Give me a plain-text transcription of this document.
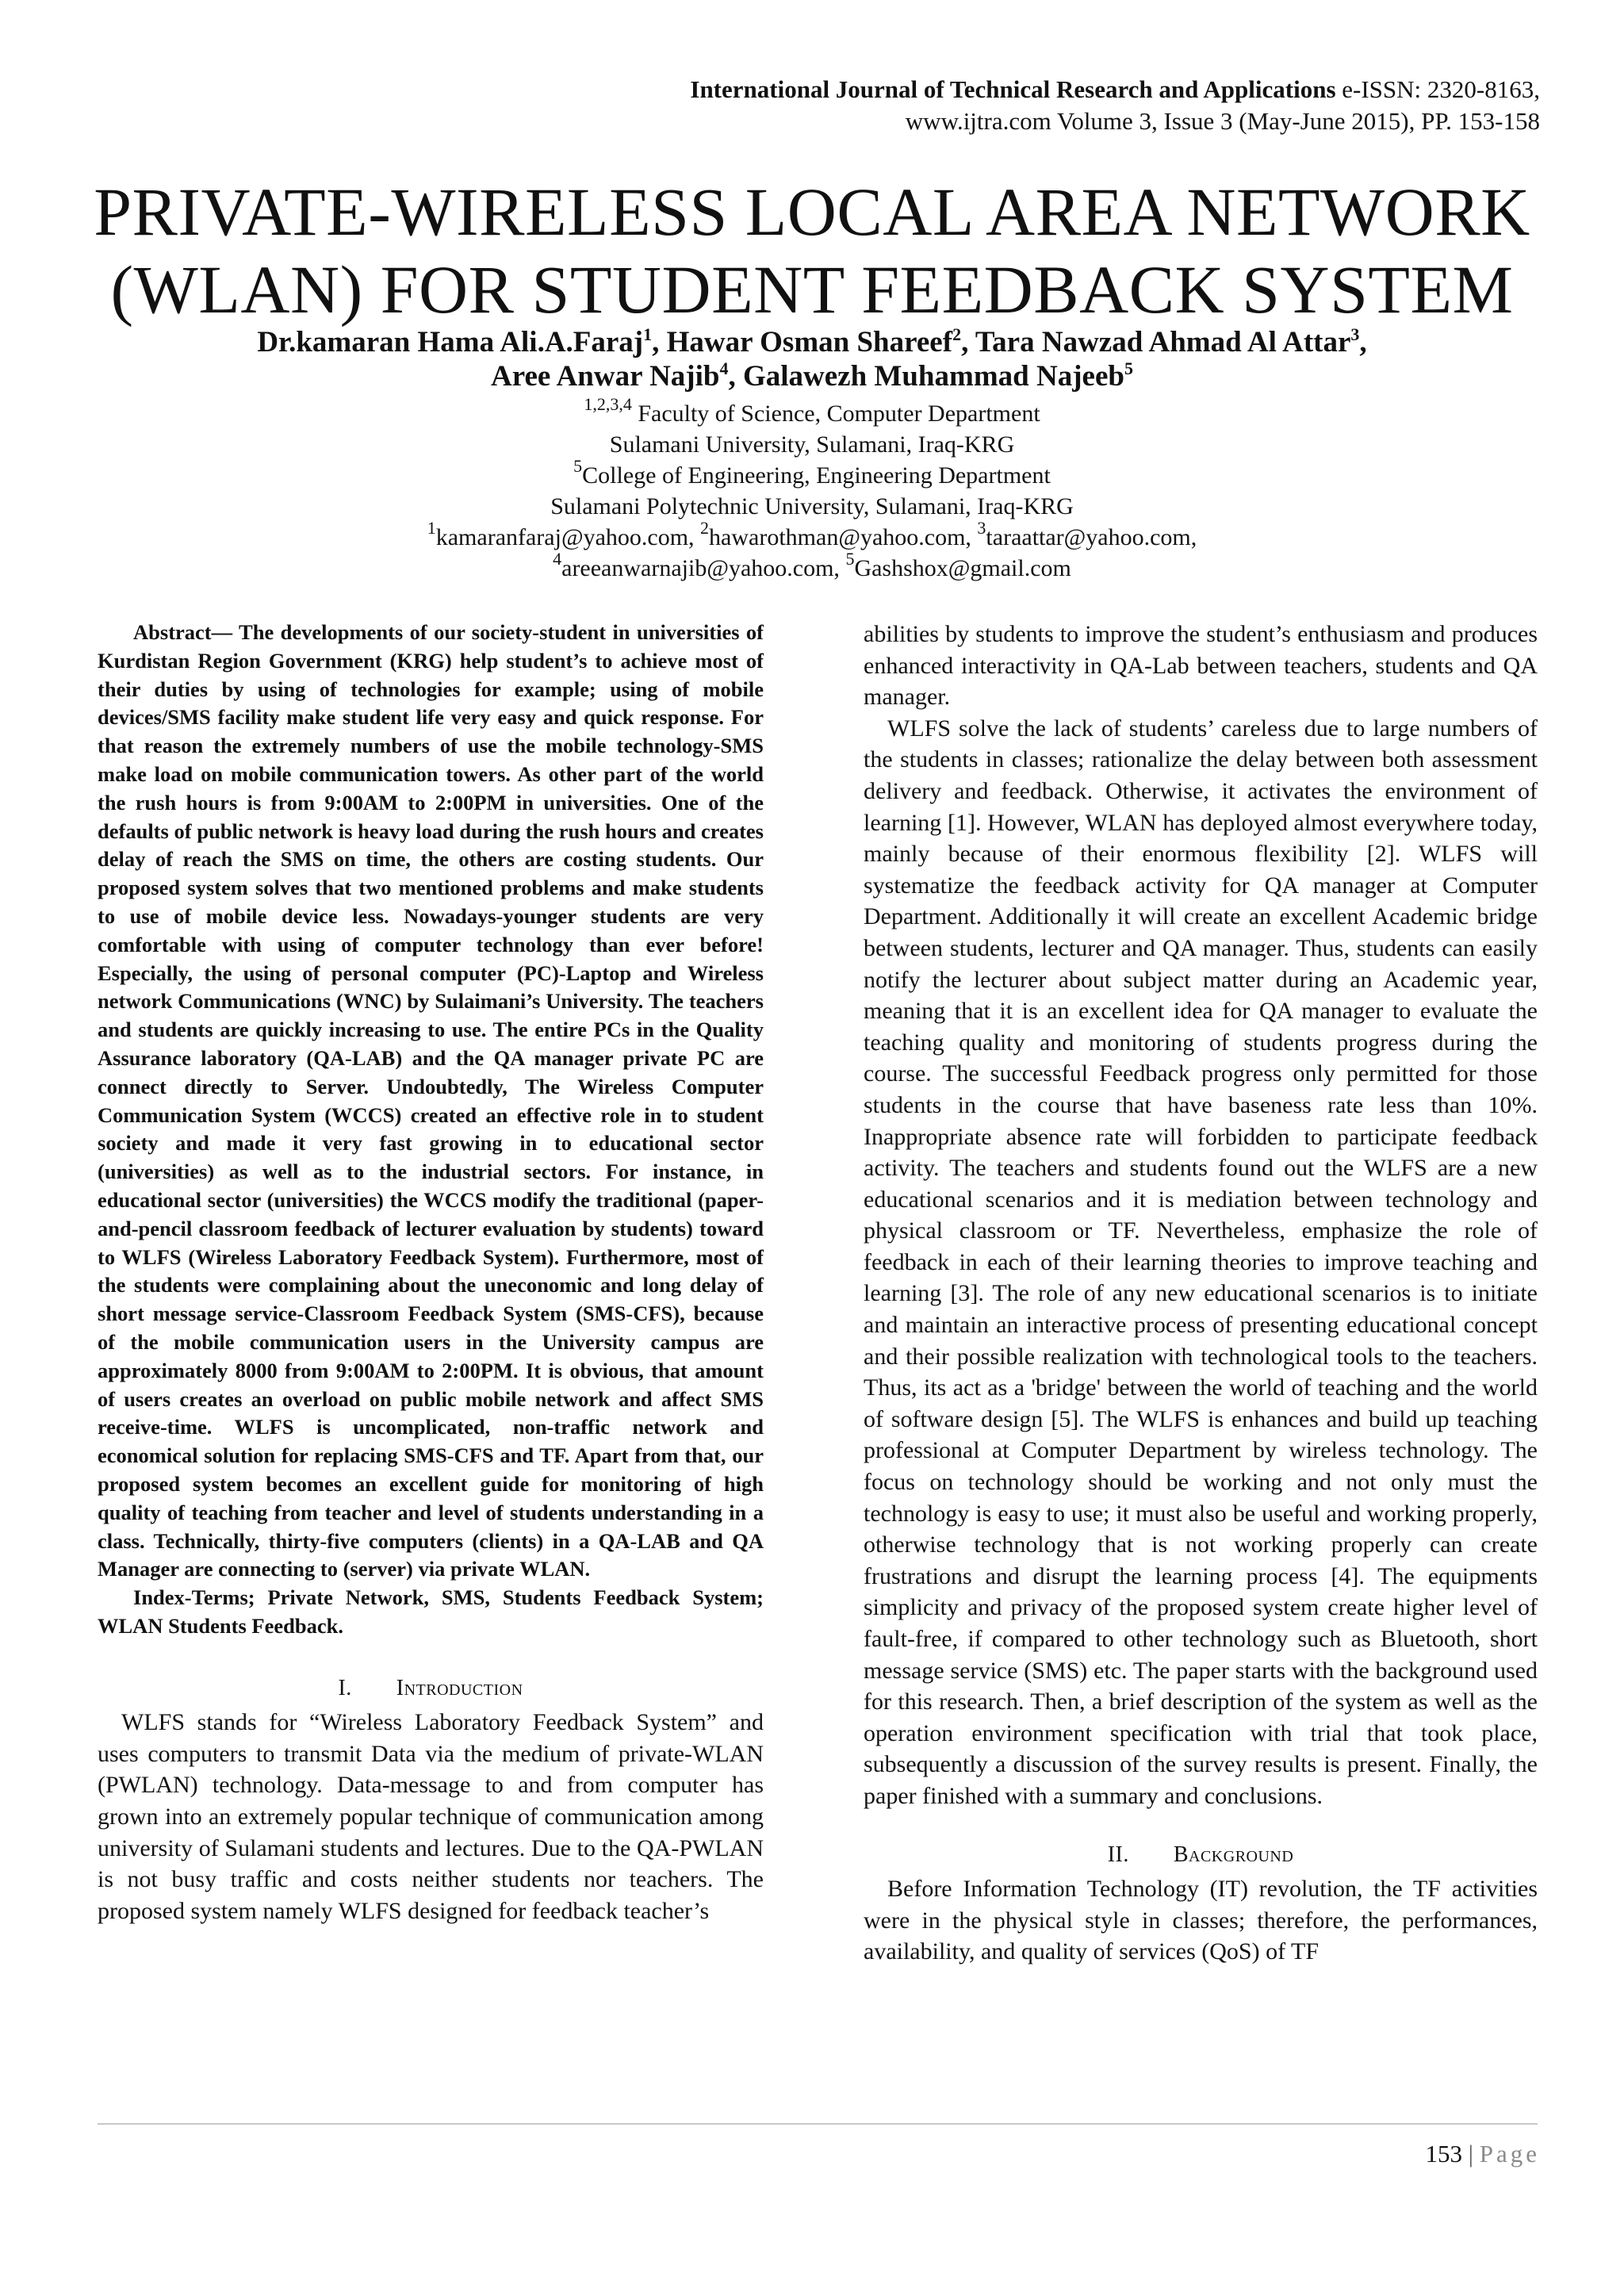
International Journal of Technical Research and Applications e-ISSN: 2320-8163,
www.ijtra.com Volume 3, Issue 3 (May-June 2015), PP. 153-158
PRIVATE-WIRELESS LOCAL AREA NETWORK
(WLAN) FOR STUDENT FEEDBACK SYSTEM
Dr.kamaran Hama Ali.A.Faraj$^1$, Hawar Osman Shareef$^2$, Tara Nawzad Ahmad Al Attar$^3$,
Aree Anwar Najib$^4$, Galawezh Muhammad Najeeb$^5$
$^{1,2,3,4}$ Faculty of Science, Computer Department
Sulamani University, Sulamani, Iraq-KRG
$^5$College of Engineering, Engineering Department
Sulamani Polytechnic University, Sulamani, Iraq-KRG
$^1$kamaranfaraj@yahoo.com, $^2$hawarothman@yahoo.com, $^3$taraattar@yahoo.com,
$^4$areeanwarnajib@yahoo.com, $^5$Gashshox@gmail.com

Abstract— The developments of our society-student in universities of Kurdistan Region Government (KRG) help student’s to achieve most of their duties by using of technologies for example; using of mobile devices/SMS facility make student life very easy and quick response. For that reason the extremely numbers of use the mobile technology-SMS make load on mobile communication towers. As other part of the world the rush hours is from 9:00AM to 2:00PM in universities. One of the defaults of public network is heavy load during the rush hours and creates delay of reach the SMS on time, the others are costing students. Our proposed system solves that two mentioned problems and make students to use of mobile device less. Nowadays-younger students are very comfortable with using of computer technology than ever before! Especially, the using of personal computer (PC)-Laptop and Wireless network Communications (WNC) by Sulaimani’s University. The teachers and students are quickly increasing to use. The entire PCs in the Quality Assurance laboratory (QA-LAB) and the QA manager private PC are connect directly to Server. Undoubtedly, The Wireless Computer Communication System (WCCS) created an effective role in to student society and made it very fast growing in to educational sector (universities) as well as to the industrial sectors. For instance, in educational sector (universities) the WCCS modify the traditional (paper-and-pencil classroom feedback of lecturer evaluation by students) toward to WLFS (Wireless Laboratory Feedback System). Furthermore, most of the students were complaining about the uneconomic and long delay of short message service-Classroom Feedback System (SMS-CFS), because of the mobile communication users in the University campus are approximately 8000 from 9:00AM to 2:00PM. It is obvious, that amount of users creates an overload on public mobile network and affect SMS receive-time. WLFS is uncomplicated, non-traffic network and economical solution for replacing SMS-CFS and TF. Apart from that, our proposed system becomes an excellent guide for monitoring of high quality of teaching from teacher and level of students understanding in a class. Technically, thirty-five computers (clients) in a QA-LAB and QA Manager are connecting to (server) via private WLAN.

Index-Terms; Private Network, SMS, Students Feedback System; WLAN Students Feedback.

I. Introduction

WLFS stands for “Wireless Laboratory Feedback System” and uses computers to transmit Data via the medium of private-WLAN (PWLAN) technology. Data-message to and from computer has grown into an extremely popular technique of communication among university of Sulamani students and lectures. Due to the QA-PWLAN is not busy traffic and costs neither students nor teachers. The proposed system namely WLFS designed for feedback teacher’s

abilities by students to improve the student’s enthusiasm and produces enhanced interactivity in QA-Lab between teachers, students and QA manager.

WLFS solve the lack of students’ careless due to large numbers of the students in classes; rationalize the delay between both assessment delivery and feedback. Otherwise, it activates the environment of learning [1]. However, WLAN has deployed almost everywhere today, mainly because of their enormous flexibility [2]. WLFS will systematize the feedback activity for QA manager at Computer Department. Additionally it will create an excellent Academic bridge between students, lecturer and QA manager. Thus, students can easily notify the lecturer about subject matter during an Academic year, meaning that it is an excellent idea for QA manager to evaluate the teaching quality and monitoring of students progress during the course. The successful Feedback progress only permitted for those students in the course that have baseness rate less than 10%. Inappropriate absence rate will forbidden to participate feedback activity. The teachers and students found out the WLFS are a new educational scenarios and it is mediation between technology and physical classroom or TF. Nevertheless, emphasize the role of feedback in each of their learning theories to improve teaching and learning [3]. The role of any new educational scenarios is to initiate and maintain an interactive process of presenting educational concept and their possible realization with technological tools to the teachers. Thus, its act as a 'bridge' between the world of teaching and the world of software design [5]. The WLFS is enhances and build up teaching professional at Computer Department by wireless technology. The focus on technology should be working and not only must the technology is easy to use; it must also be useful and working properly, otherwise technology that is not working properly can create frustrations and disrupt the learning process [4]. The equipments simplicity and privacy of the proposed system create higher level of fault-free, if compared to other technology such as Bluetooth, short message service (SMS) etc. The paper starts with the background used for this research. Then, a brief description of the system as well as the operation environment specification with trial that took place, subsequently a discussion of the survey results is present. Finally, the paper finished with a summary and conclusions.

II. Background

Before Information Technology (IT) revolution, the TF activities were in the physical style in classes; therefore, the performances, availability, and quality of services (QoS) of TF

153 | Page
